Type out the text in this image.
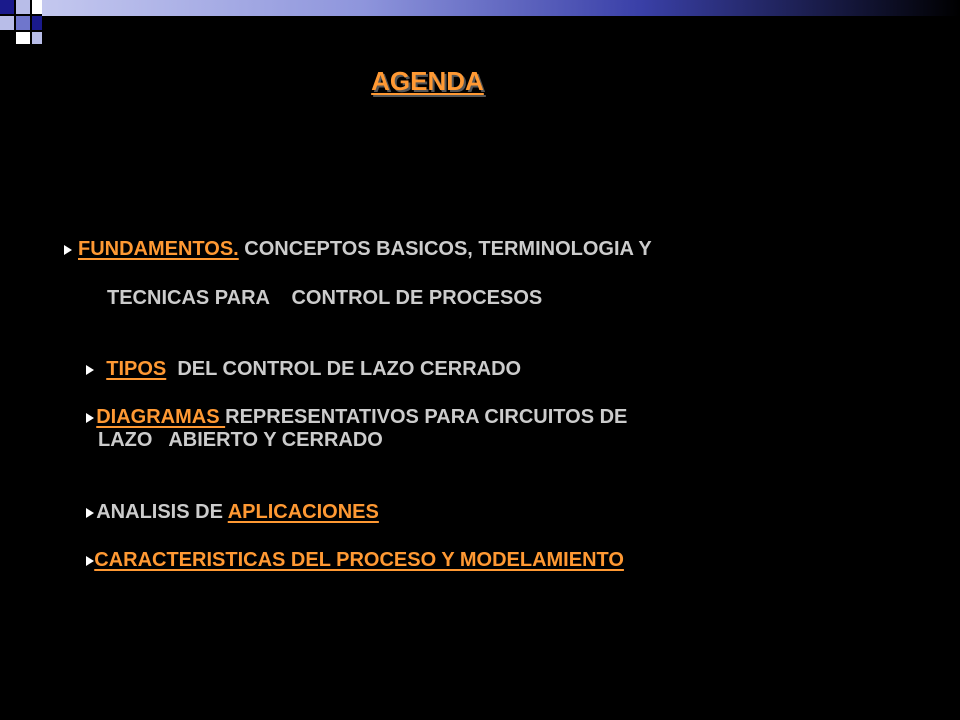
AGENDA
FUNDAMENTOS. CONCEPTOS BASICOS, TERMINOLOGIA Y
TECNICAS PARA    CONTROL DE PROCESOS

TIPOS  DEL CONTROL DE LAZO CERRADO

DIAGRAMAS REPRESENTATIVOS PARA CIRCUITOS DE

LAZO   ABIERTO Y CERRADO

ANALISIS DE APLICACIONES

CARACTERISTICAS DEL PROCESO Y MODELAMIENTO
